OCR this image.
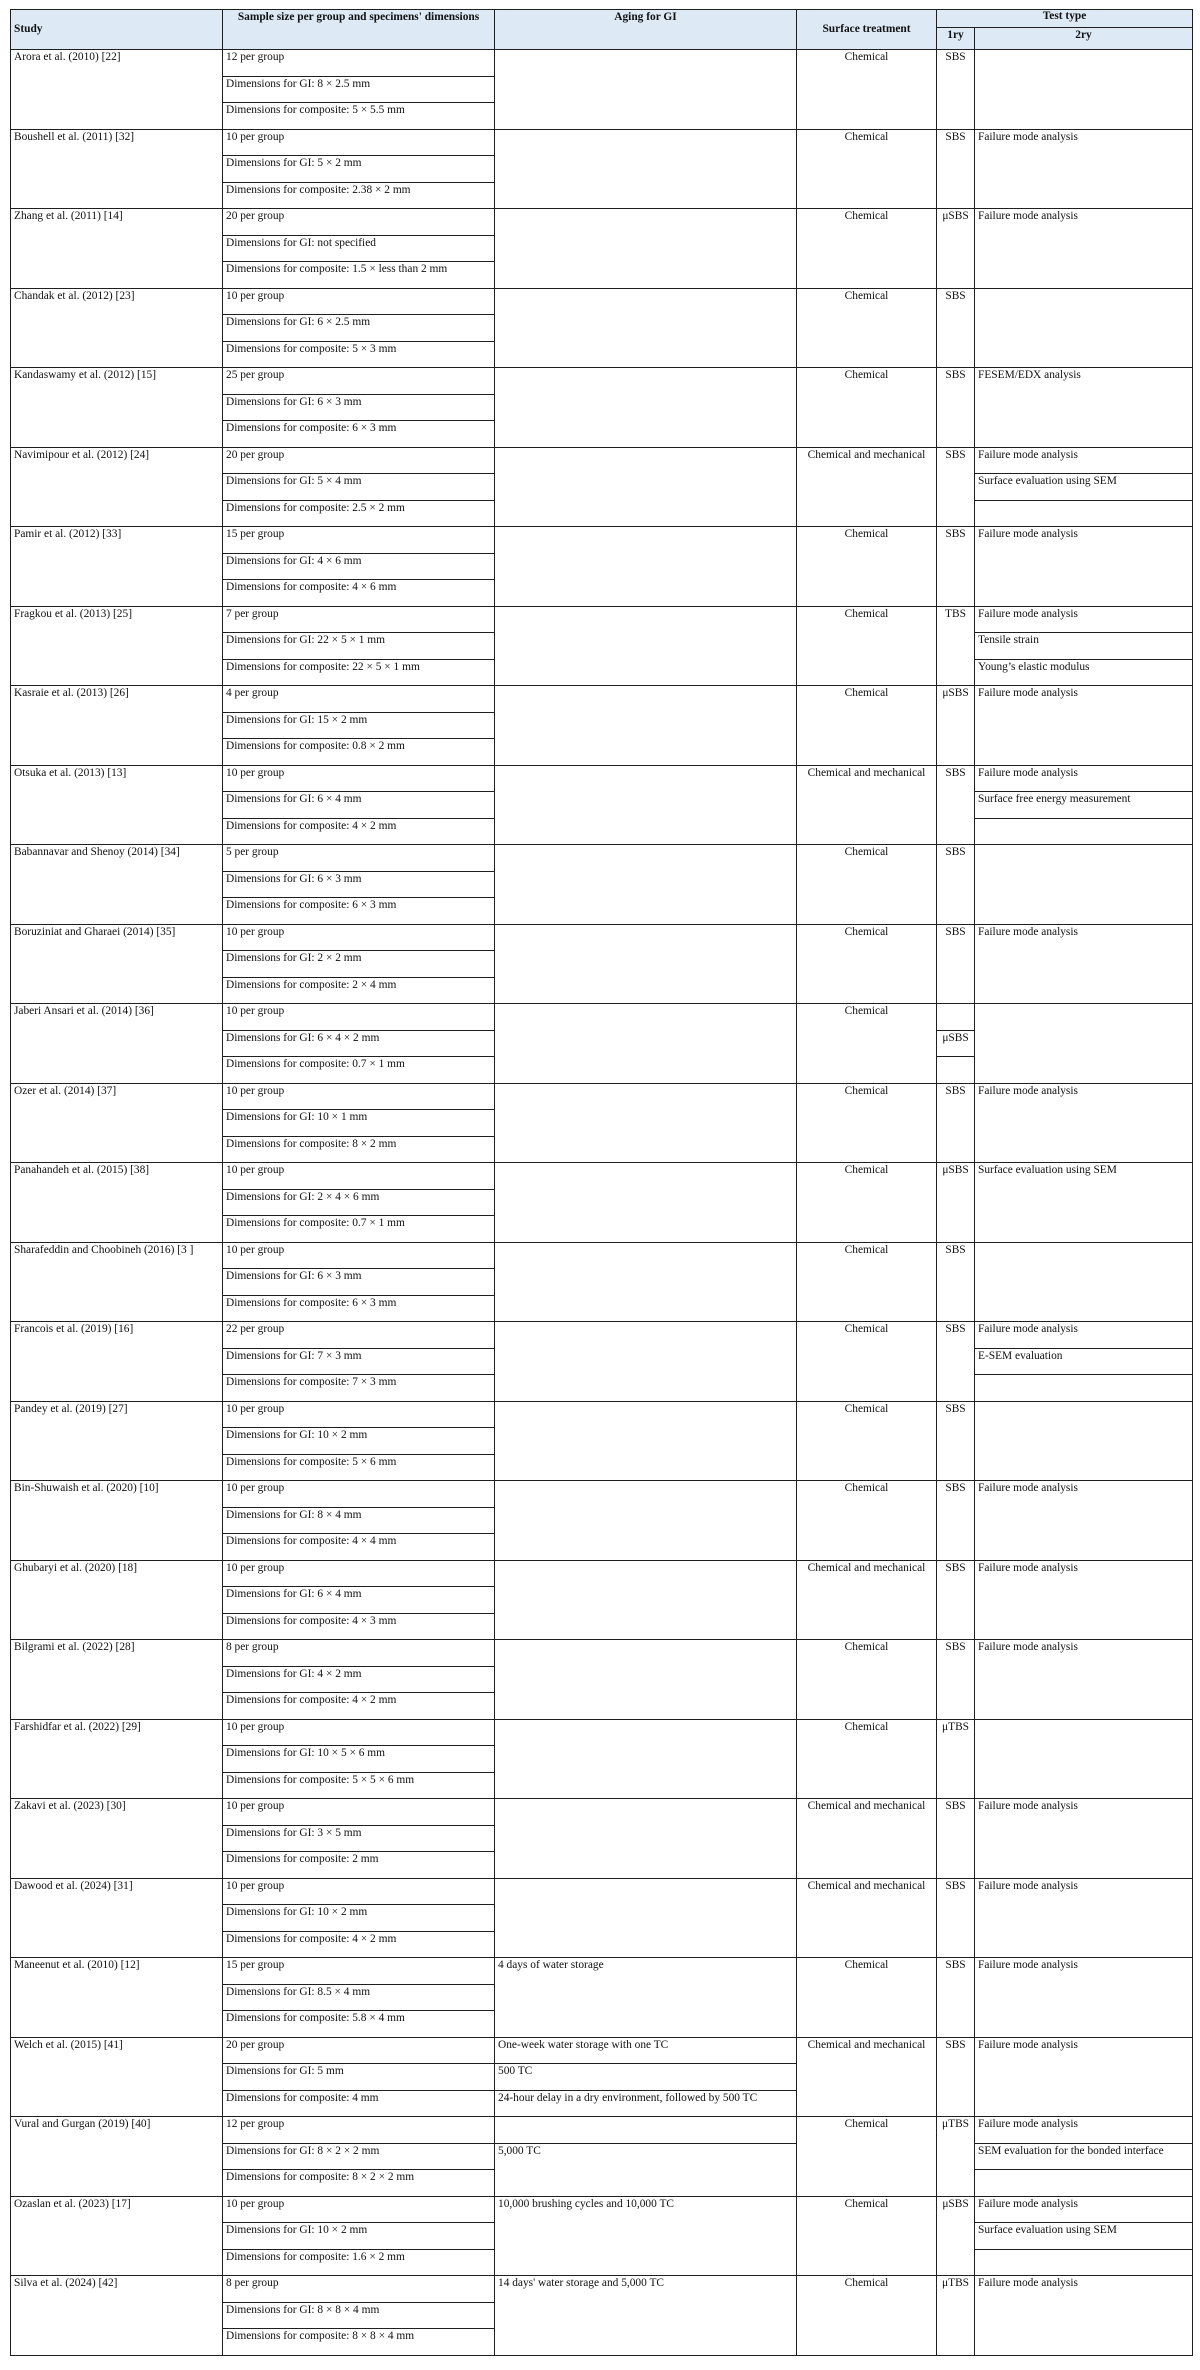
Study	Sample size per group and specimens' dimensions	Aging for GI	Surface treatment	Test type	
				1ry	2ry
Arora et al. (2010) [22]	12 per group		Chemical	SBS	
	Dimensions for GI: 8 × 2.5 mm				
	Dimensions for composite: 5 × 5.5 mm				
Boushell et al. (2011) [32]	10 per group		Chemical	SBS	Failure mode analysis
	Dimensions for GI: 5 × 2 mm				
	Dimensions for composite: 2.38 × 2 mm				
Zhang et al. (2011) [14]	20 per group		Chemical	μSBS	Failure mode analysis
	Dimensions for GI: not specified				
	Dimensions for composite: 1.5 × less than 2 mm				
Chandak et al. (2012) [23]	10 per group		Chemical	SBS	
	Dimensions for GI: 6 × 2.5 mm				
	Dimensions for composite: 5 × 3 mm				
Kandaswamy et al. (2012) [15]	25 per group		Chemical	SBS	FESEM/EDX analysis
	Dimensions for GI: 6 × 3 mm				
	Dimensions for composite: 6 × 3 mm				
Navimipour et al. (2012) [24]	20 per group		Chemical and mechanical	SBS	Failure mode analysis
	Dimensions for GI: 5 × 4 mm				Surface evaluation using SEM
	Dimensions for composite: 2.5 × 2 mm				
Pamir et al. (2012) [33]	15 per group		Chemical	SBS	Failure mode analysis
	Dimensions for GI: 4 × 6 mm				
	Dimensions for composite: 4 × 6 mm				
Fragkou et al. (2013) [25]	7 per group		Chemical	TBS	Failure mode analysis
	Dimensions for GI: 22 × 5 × 1 mm				Tensile strain
	Dimensions for composite: 22 × 5 × 1 mm				Young’s elastic modulus
Kasraie et al. (2013) [26]	4 per group		Chemical	μSBS	Failure mode analysis
	Dimensions for GI: 15 × 2 mm				
	Dimensions for composite: 0.8 × 2 mm				
Otsuka et al. (2013) [13]	10 per group		Chemical and mechanical	SBS	Failure mode analysis
	Dimensions for GI: 6 × 4 mm				Surface free energy measurement
	Dimensions for composite: 4 × 2 mm				
Babannavar and Shenoy (2014) [34]	5 per group		Chemical	SBS	
	Dimensions for GI: 6 × 3 mm				
	Dimensions for composite: 6 × 3 mm				
Boruziniat and Gharaei (2014) [35]	10 per group		Chemical	SBS	Failure mode analysis
	Dimensions for GI: 2 × 2 mm				
	Dimensions for composite: 2 × 4 mm				
Jaberi Ansari et al. (2014) [36]	10 per group		Chemical		
	Dimensions for GI: 6 × 4 × 2 mm			μSBS	
	Dimensions for composite: 0.7 × 1 mm				
Ozer et al. (2014) [37]	10 per group		Chemical	SBS	Failure mode analysis
	Dimensions for GI: 10 × 1 mm				
	Dimensions for composite: 8 × 2 mm				
Panahandeh et al. (2015) [38]	10 per group		Chemical	μSBS	Surface evaluation using SEM
	Dimensions for GI: 2 × 4 × 6 mm				
	Dimensions for composite: 0.7 × 1 mm				
Sharafeddin and Choobineh (2016) [3 ]	10 per group		Chemical	SBS	
	Dimensions for GI: 6 × 3 mm				
	Dimensions for composite: 6 × 3 mm				
Francois et al. (2019) [16]	22 per group		Chemical	SBS	Failure mode analysis
	Dimensions for GI: 7 × 3 mm				E-SEM evaluation
	Dimensions for composite: 7 × 3 mm				
Pandey et al. (2019) [27]	10 per group		Chemical	SBS	
	Dimensions for GI: 10 × 2 mm				
	Dimensions for composite: 5 × 6 mm				
Bin-Shuwaish et al. (2020) [10]	10 per group		Chemical	SBS	Failure mode analysis
	Dimensions for GI: 8 × 4 mm				
	Dimensions for composite: 4 × 4 mm				
Ghubaryi et al. (2020) [18]	10 per group		Chemical and mechanical	SBS	Failure mode analysis
	Dimensions for GI: 6 × 4 mm				
	Dimensions for composite: 4 × 3 mm				
Bilgrami et al. (2022) [28]	8 per group		Chemical	SBS	Failure mode analysis
	Dimensions for GI: 4 × 2 mm				
	Dimensions for composite: 4 × 2 mm				
Farshidfar et al. (2022) [29]	10 per group		Chemical	μTBS	
	Dimensions for GI: 10 × 5 × 6 mm				
	Dimensions for composite: 5 × 5 × 6 mm				
Zakavi et al. (2023) [30]	10 per group		Chemical and mechanical	SBS	Failure mode analysis
	Dimensions for GI: 3 × 5 mm				
	Dimensions for composite: 2 mm				
Dawood et al. (2024) [31]	10 per group		Chemical and mechanical	SBS	Failure mode analysis
	Dimensions for GI: 10 × 2 mm				
	Dimensions for composite: 4 × 2 mm				
Maneenut et al. (2010) [12]	15 per group	4 days of water storage	Chemical	SBS	Failure mode analysis
	Dimensions for GI: 8.5 × 4 mm				
	Dimensions for composite: 5.8 × 4 mm				
Welch et al. (2015) [41]	20 per group	One-week water storage with one TC	Chemical and mechanical	SBS	Failure mode analysis
	Dimensions for GI: 5 mm	500 TC			
	Dimensions for composite: 4 mm	24-hour delay in a dry environment, followed by 500 TC			
Vural and Gurgan (2019) [40]	12 per group		Chemical	μTBS	Failure mode analysis
	Dimensions for GI: 8 × 2 × 2 mm	5,000 TC			SEM evaluation for the bonded interface
	Dimensions for composite: 8 × 2 × 2 mm				
Ozaslan et al. (2023) [17]	10 per group	10,000 brushing cycles and 10,000 TC	Chemical	μSBS	Failure mode analysis
	Dimensions for GI: 10 × 2 mm				Surface evaluation using SEM
	Dimensions for composite: 1.6 × 2 mm				
Silva et al. (2024) [42]	8 per group	14 days' water storage and 5,000 TC	Chemical	μTBS	Failure mode analysis
	Dimensions for GI: 8 × 8 × 4 mm				
	Dimensions for composite: 8 × 8 × 4 mm				
